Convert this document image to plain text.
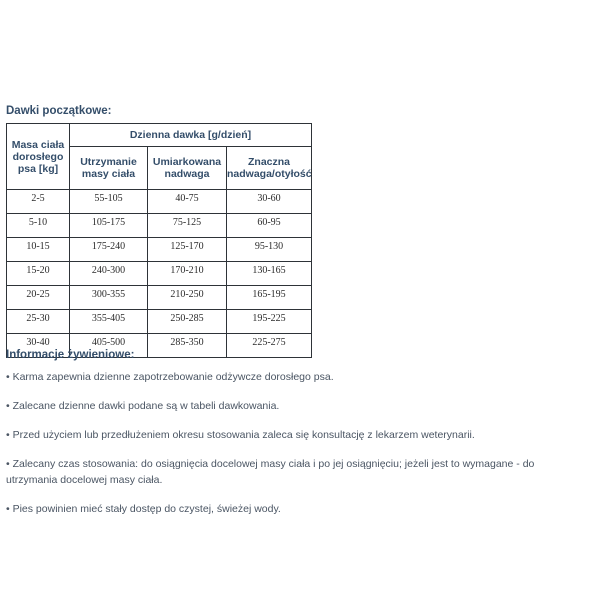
Dawki początkowe:
Masa ciała dorosłego psa [kg]	Dzienna dawka [g/dzień]		
	Utrzymanie masy ciała	Umiarkowana nadwaga	Znaczna nadwaga/otyłość
2-5	55-105	40-75	30-60
5-10	105-175	75-125	60-95
10-15	175-240	125-170	95-130
15-20	240-300	170-210	130-165
20-25	300-355	210-250	165-195
25-30	355-405	250-285	195-225
30-40	405-500	285-350	225-275
Informacje żywieniowe:
• Karma zapewnia dzienne zapotrzebowanie odżywcze dorosłego psa.
• Zalecane dzienne dawki podane są w tabeli dawkowania.
• Przed użyciem lub przedłużeniem okresu stosowania zaleca się konsultację z lekarzem weterynarii.
• Zalecany czas stosowania: do osiągnięcia docelowej masy ciała i po jej osiągnięciu; jeżeli jest to wymagane - do utrzymania docelowej masy ciała.
• Pies powinien mieć stały dostęp do czystej, świeżej wody.
